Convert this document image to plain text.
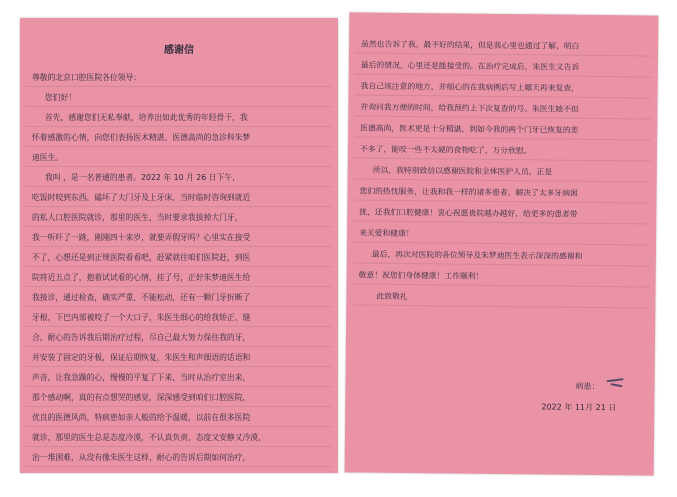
感谢信
尊敬的北京口腔医院各位领导：
您们好！
首先，感谢您们无私奉献，培养出如此优秀的年轻骨干，我
怀着感激的心情，向您们表扬医术精湛、医德高尚的急诊科朱梦
迪医生。
我叫 ，是一名普通的患者。2022 年 10 月 26 日下午，
吃饭时咬到东西，磕坏了大门牙及上牙床，当时临时咨询到就近
的私人口腔医院就诊，那里的医生，当时要求我拔掉大门牙，
我一听吓了一跳，刚刚四十来岁，就要弄假牙吗？心里实在接受
不了，心想还是到正规医院看看吧，赶紧就往咱们医院赶，到医
院将近五点了，抱着试试看的心情，挂了号，正好朱梦迪医生给
我接诊，通过检查，确实严重，不能松动，还有一颗门牙折断了
牙根，下巴内部被咬了一个大口子，朱医生细心的给我矫正、缝
合，耐心的告诉我后期治疗过程，尽自己最大努力保住我的牙，
并安装了固定的牙板，保证后期恢复，朱医生和声细语的话语和
声音，让我急躁的心，慢慢的平复了下来，当时从治疗室出来，
那个感动啊，真的有点想哭的感觉，深深感受到咱们口腔医院，
优良的医德风尚，特病患如亲人般的给予温暖，以前在很多医院
就诊，那里的医生总是态度冷漠，不认真负责，态度又安静又冷漠，
治一堆困难，从没有像朱医生这样，耐心的告诉后期如何治疗，
虽然也告诉了我，最不好的结果，但是我心里也通过了解，明白
最后的情况，心里还是能接受的。在治疗完成后，朱医生又告诉
我自己该注意的地方，并细心的在我病例后写上哪天再来复查，
并询问我方便的时间，给我预约上下次复查的号。朱医生她不但
医德高尚，医术更是十分精湛，到如今我的两个门牙已恢复的差
不多了，能咬一些不太硬的食物吃了，万分欣慰。
所以，我特别致信以感谢医院和全体医护人员，正是
您们的热忱服务，让我和我一样的诸多患者，解决了太多牙病困
扰，还我们口腔健康！衷心祝愿贵院越办越好，给更多的患者带
来关爱和健康！
最后，再次对医院的各位领导及朱梦迪医生表示深深的感谢和
敬意！祝您们身体健康！工作顺利！
此致敬礼
病患：
2022 年 11月 21 日
